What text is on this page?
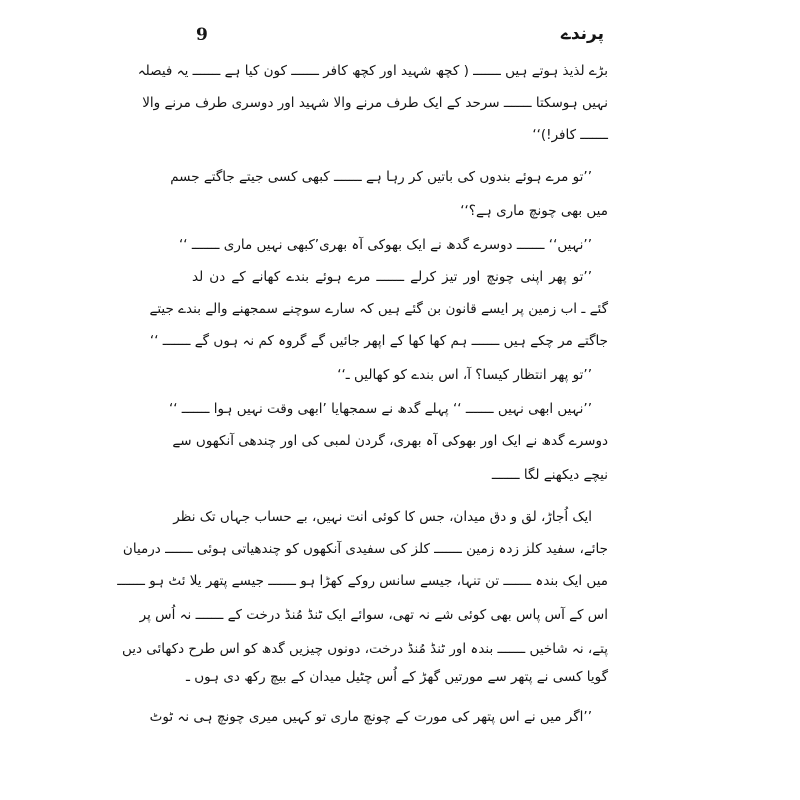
9	پرندے
بڑے لذیذ ہوتے ہیں ـــــــ ( کچھ شہید اور کچھ کافر ـــــــ کون کیا ہے ـــــــ یہ فیصلہ
نہیں ہوسکتا ـــــــ سرحد کے ایک طرف مرنے والا شہید اور دوسری طرف مرنے والا
ـــــــ کافر!)‘‘
’’تو مرے ہوئے بندوں کی باتیں کر رہا ہے ـــــــ کبھی کسی جیتے جاگتے جسم
میں بھی چونچ ماری ہے؟‘‘
’’نہیں‘‘ ـــــــ دوسرے گدھ نے ایک بھوکی آہ بھری’کبھی نہیں ماری ـــــــ ‘‘
’’تو پھر اپنی چونچ اور تیز کرلے ـــــــ مرے ہوئے بندے کھانے کے دن لد
گئے ـ اب زمین پر ایسے قانون بن گئے ہیں کہ سارے سوچنے سمجھنے والے بندے جیتے
جاگتے مر چکے ہیں ـــــــ ہم کھا کھا کے اپھر جائیں گے گروہ کم نہ ہوں گے ـــــــ ‘‘
’’تو پھر انتظار کیسا؟ آ، اس بندے کو کھالیں ـ‘‘
’’نہیں ابھی نہیں ـــــــ ‘‘ پہلے گدھ نے سمجھایا ’ابھی وقت نہیں ہوا ـــــــ ‘‘
دوسرے گدھ نے ایک اور بھوکی آہ بھری، گردن لمبی کی اور چندھی آنکھوں سے
نیچے دیکھنے لگا ـــــــ
ایک اُجاڑ، لق و دق میدان، جس کا کوئی انت نہیں، بے حساب جہاں تک نظر
جائے، سفید کلز زدہ زمین ـــــــ کلز کی سفیدی آنکھوں کو چندھیاتی ہوئی ـــــــ درمیان
میں ایک بندہ ـــــــ تن تنہا، جیسے سانس روکے کھڑا ہو ـــــــ جیسے پتھر یلا ئٹ ہو ـــــــ
اس کے آس پاس بھی کوئی شے نہ تھی، سوائے ایک ٹنڈ مُنڈ درخت کے ـــــــ نہ اُس پر
پتے، نہ شاخیں ـــــــ بندہ اور ٹنڈ مُنڈ درخت، دونوں چیزیں گدھ کو اس طرح دکھائی دیں
گویا کسی نے پتھر سے مورتیں گھڑ کے اُس چٹیل میدان کے بیچ رکھ دی ہوں ـ
’’اگر میں نے اس پتھر کی مورت کے چونچ ماری تو کہیں میری چونچ ہی نہ ٹوٹ
